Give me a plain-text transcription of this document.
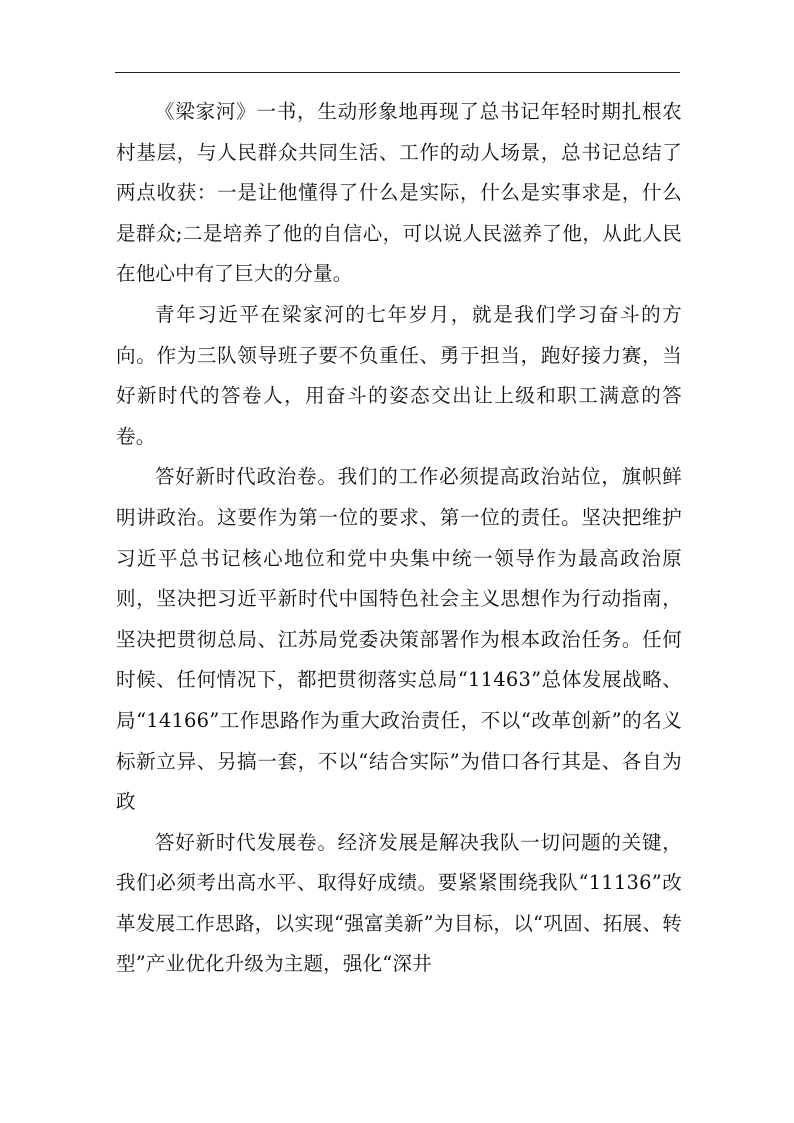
《梁家河》一书，生动形象地再现了总书记年轻时期扎根农村基层，与人民群众共同生活、工作的动人场景，总书记总结了两点收获：一是让他懂得了什么是实际，什么是实事求是，什么是群众;二是培养了他的自信心，可以说人民滋养了他，从此人民在他心中有了巨大的分量。

青年习近平在梁家河的七年岁月，就是我们学习奋斗的方向。作为三队领导班子要不负重任、勇于担当，跑好接力赛，当好新时代的答卷人，用奋斗的姿态交出让上级和职工满意的答卷。

答好新时代政治卷。我们的工作必须提高政治站位，旗帜鲜明讲政治。这要作为第一位的要求、第一位的责任。坚决把维护习近平总书记核心地位和党中央集中统一领导作为最高政治原则，坚决把习近平新时代中国特色社会主义思想作为行动指南，坚决把贯彻总局、江苏局党委决策部署作为根本政治任务。任何时候、任何情况下，都把贯彻落实总局“11463”总体发展战略、局“14166”工作思路作为重大政治责任，不以“改革创新”的名义标新立异、另搞一套，不以“结合实际”为借口各行其是、各自为政

答好新时代发展卷。经济发展是解决我队一切问题的关键，我们必须考出高水平、取得好成绩。要紧紧围绕我队“11136”改革发展工作思路，以实现“强富美新”为目标，以“巩固、拓展、转型”产业优化升级为主题，强化“深井
